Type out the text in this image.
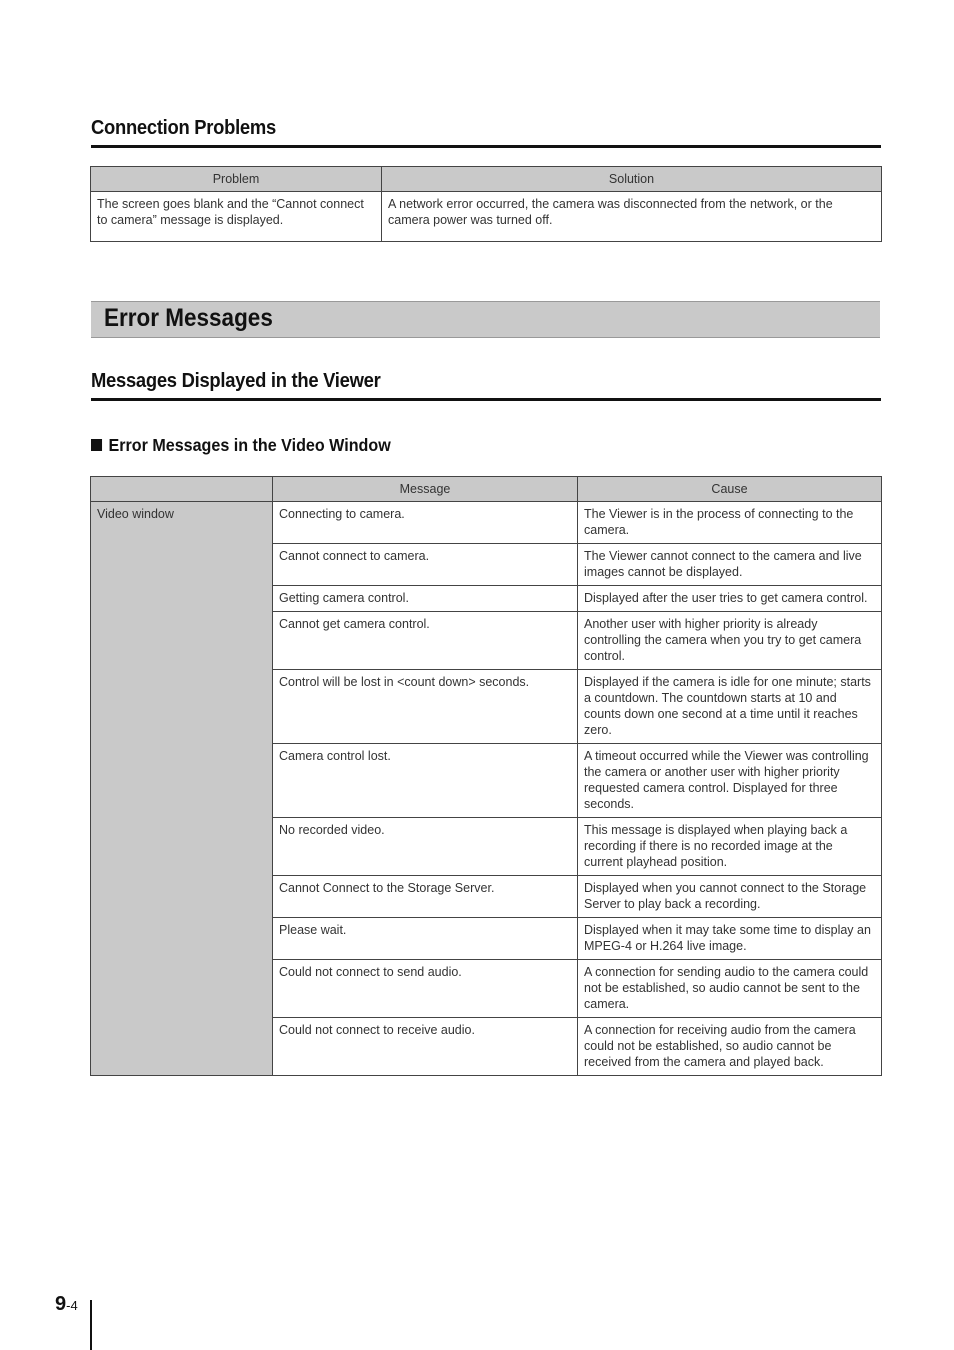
Connection Problems
Problem	Solution
The screen goes blank and the “Cannot connect to camera” message is displayed.	A network error occurred, the camera was disconnected from the network, or the camera power was turned off.
Error Messages
Messages Displayed in the Viewer
Error Messages in the Video Window
	Message	Cause
Video window	Connecting to camera.	The Viewer is in the process of connecting to the camera.
	Cannot connect to camera.	The Viewer cannot connect to the camera and live images cannot be displayed.
	Getting camera control.	Displayed after the user tries to get camera control.
	Cannot get camera control.	Another user with higher priority is already controlling the camera when you try to get camera control.
	Control will be lost in <count down> seconds.	Displayed if the camera is idle for one minute; starts a countdown. The countdown starts at 10 and counts down one second at a time until it reaches zero.
	Camera control lost.	A timeout occurred while the Viewer was controlling the camera or another user with higher priority requested camera control. Displayed for three seconds.
	No recorded video.	This message is displayed when playing back a recording if there is no recorded image at the current playhead position.
	Cannot Connect to the Storage Server.	Displayed when you cannot connect to the Storage Server to play back a recording.
	Please wait.	Displayed when it may take some time to display an MPEG-4 or H.264 live image.
	Could not connect to send audio.	A connection for sending audio to the camera could not be established, so audio cannot be sent to the camera.
	Could not connect to receive audio.	A connection for receiving audio from the camera could not be established, so audio cannot be received from the camera and played back.
9-4
